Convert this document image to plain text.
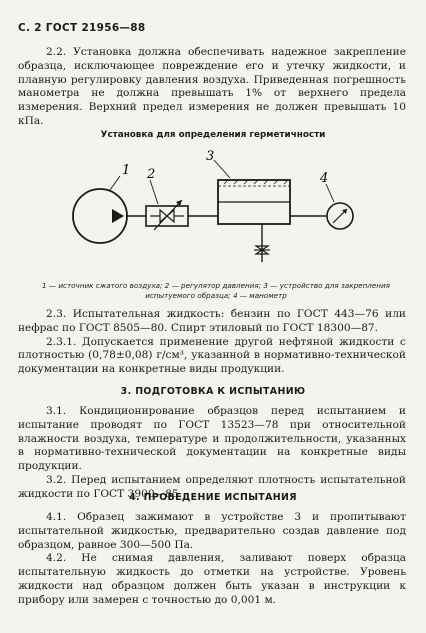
С. 2 ГОСТ 21956—88

2.2. Установка должна обеспечивать надежное закрепление образца, исключающее повреждение его и утечку жидкости, и плавную регулировку давления воздуха. Приведенная погрешность манометра не должна превышать 1% от верхнего предела измерения. Верхний предел измерения не должен превышать 10 кПа.

Установка для определения герметичности
1 2
3
4
1 — источник сжатого воздуха; 2 — регулятор давления; 3 — устройство для закрепления испытуемого образца; 4 — манометр

2.3. Испытательная жидкость: бензин по ГОСТ 443—76 или нефрас по ГОСТ 8505—80. Спирт этиловый по ГОСТ 18300—87.

2.3.1. Допускается применение другой нефтяной жидкости с плотностью (0,78±0,08) г/см³, указанной в нормативно-технической документации на конкретные виды продукции.

3. ПОДГОТОВКА К ИСПЫТАНИЮ

3.1. Кондиционирование образцов перед испытанием и испытание проводят по ГОСТ 13523—78 при относительной влажности воздуха, температуре и продолжительности, указанных в нормативно-технической документации на конкретные виды продукции.

3.2. Перед испытанием определяют плотность испытательной жидкости по ГОСТ 3900—85.

4. ПРОВЕДЕНИЕ ИСПЫТАНИЯ

4.1. Образец зажимают в устройстве 3 и пропитывают испытательной жидкостью, предварительно создав давление под образцом, равное 300—500 Па.

4.2. Не снимая давления, заливают поверх образца испытательную жидкость до отметки на устройстве. Уровень жидкости над образцом должен быть указан в инструкции к прибору или замерен с точностью до 0,001 м.
